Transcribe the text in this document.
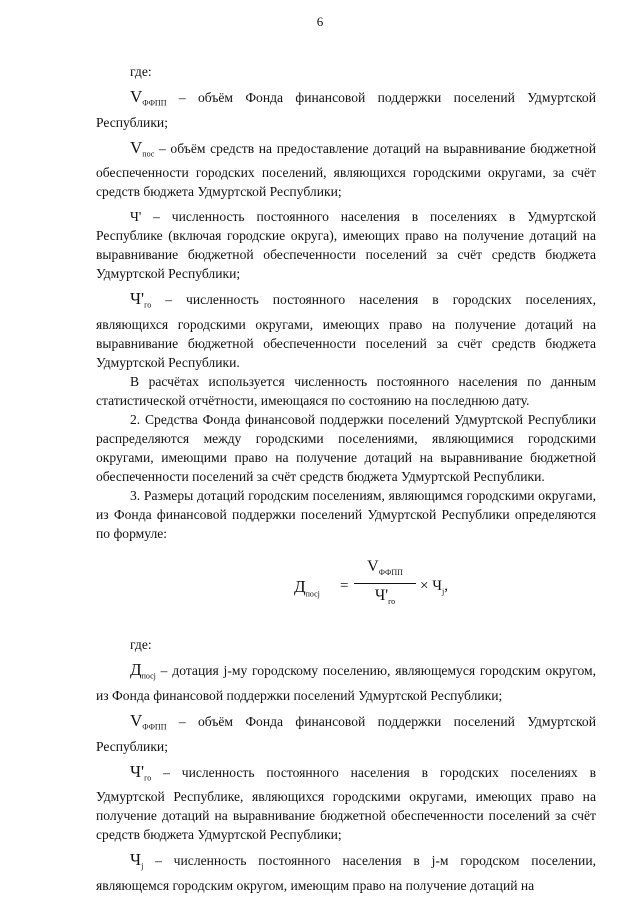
6

где:

$V_{ФФПП}$ – объём Фонда финансовой поддержки поселений Удмуртской Республики;

$V_{пос}$ – объём средств на предоставление дотаций на выравнивание бюджетной обеспеченности городских поселений, являющихся городскими округами, за счёт средств бюджета Удмуртской Республики;

Ч' – численность постоянного населения в поселениях в Удмуртской Республике (включая городские округа), имеющих право на получение дотаций на выравнивание бюджетной обеспеченности поселений за счёт средств бюджета Удмуртской Республики;

$Ч'_{го}$ – численность постоянного населения в городских поселениях, являющихся городскими округами, имеющих право на получение дотаций на выравнивание бюджетной обеспеченности поселений за счёт средств бюджета Удмуртской Республики.

В расчётах используется численность постоянного населения по данным статистической отчётности, имеющаяся по состоянию на последнюю дату.

2. Средства Фонда финансовой поддержки поселений Удмуртской Республики распределяются между городскими поселениями, являющимися городскими округами, имеющими право на получение дотаций на выравнивание бюджетной обеспеченности поселений за счёт средств бюджета Удмуртской Республики.

3. Размеры дотаций городским поселениям, являющимся городскими округами, из Фонда финансовой поддержки поселений Удмуртской Республики определяются по формуле:

$Д_{посj}$ =
$V_{ФФПП}$
$Ч'_{го}$
× $Ч_j$,

где:

$Д_{посj}$ – дотация j-му городскому поселению, являющемуся городским округом, из Фонда финансовой поддержки поселений Удмуртской Республики;

$V_{ФФПП}$ – объём Фонда финансовой поддержки поселений Удмуртской Республики;

$Ч'_{го}$ – численность постоянного населения в городских поселениях в Удмуртской Республике, являющихся городскими округами, имеющих право на получение дотаций на выравнивание бюджетной обеспеченности поселений за счёт средств бюджета Удмуртской Республики;

$Ч_j$ – численность постоянного населения в j-м городском поселении, являющемся городским округом, имеющим право на получение дотаций на
